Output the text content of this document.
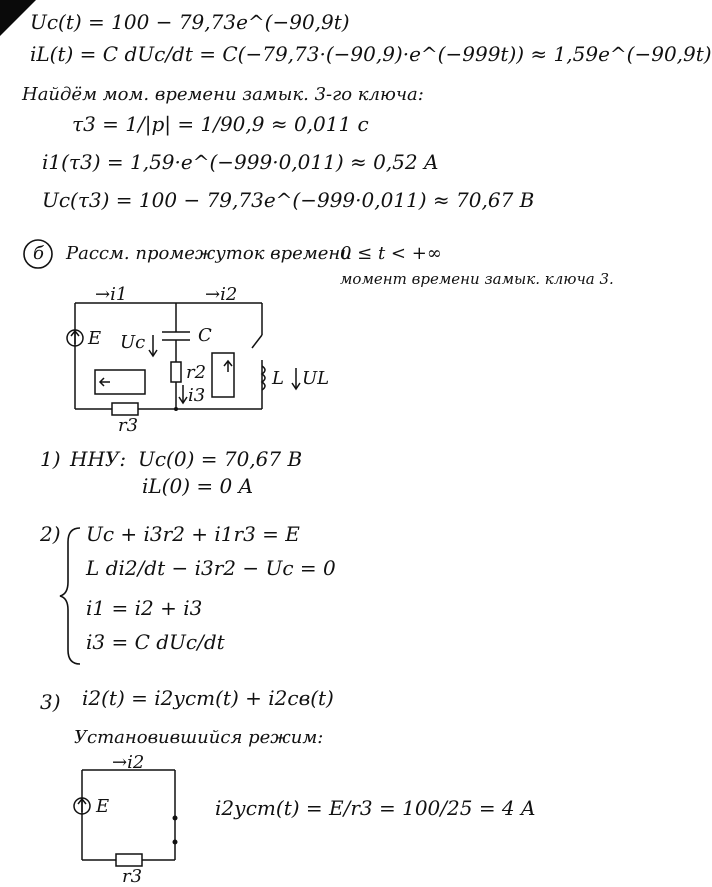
Uc(t) = 100 − 79,73e^(−90,9t)
iL(t) = C dUc/dt = C(−79,73·(−90,9)·e^(−999t)) ≈ 1,59e^(−90,9t)
Найдём мом. времени замык. 3-го ключа:
τ3 = 1/|p| = 1/90,9 ≈ 0,011 c
i1(τ3) = 1,59·e^(−999·0,011) ≈ 0,52 A
Uc(τ3) = 100 − 79,73e^(−999·0,011) ≈ 70,67 B
б Рассм. промежуток времени
0 ≤ t < +∞
момент времени замык. ключа 3.
→i1	→i2
E Uc	C
r2
i3
L UL
r3
1) ННУ: Uc(0) = 70,67 B
iL(0) = 0 A
2) Uc + i3r2 + i1r3 = E
L di2/dt − i3r2 − Uc = 0
i1 = i2 + i3
i3 = C dUc/dt
3) i2(t) = i2уст(t) + i2св(t)
Установившийся режим:
→i2
E
r3
i2уст(t) = E/r3 = 100/25 = 4 A
